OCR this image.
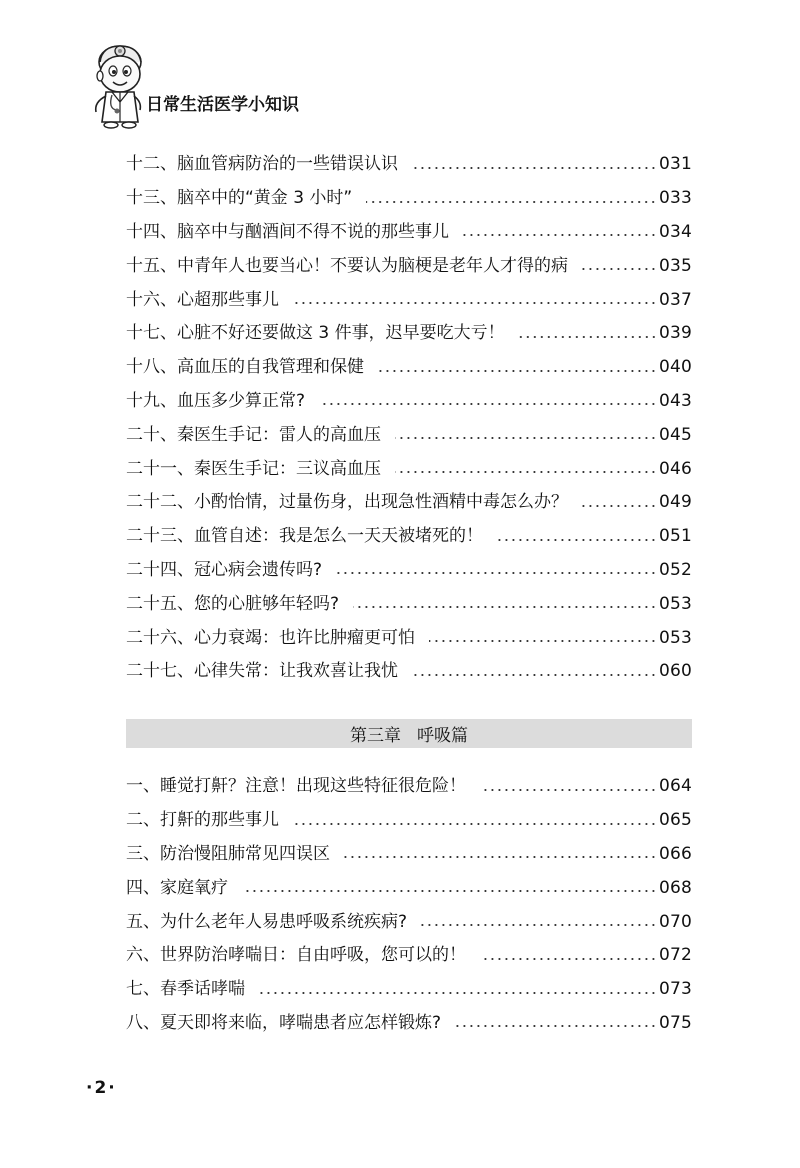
日常生活医学小知识
十二、脑血管病防治的一些错误认识	031
十三、脑卒中的“黄金 3 小时”	033
十四、脑卒中与酗酒间不得不说的那些事儿	034
十五、中青年人也要当心！不要认为脑梗是老年人才得的病	035
十六、心超那些事儿	037
十七、心脏不好还要做这 3 件事，迟早要吃大亏！	039
十八、高血压的自我管理和保健	040
十九、血压多少算正常?	043
二十、秦医生手记：雷人的高血压	045
二十一、秦医生手记：三议高血压	046
二十二、小酌怡情，过量伤身，出现急性酒精中毒怎么办？	049
二十三、血管自述：我是怎么一天天被堵死的！	051
二十四、冠心病会遗传吗?	052
二十五、您的心脏够年轻吗?	053
二十六、心力衰竭：也许比肿瘤更可怕	053
二十七、心律失常：让我欢喜让我忧	060
第三章 呼吸篇
一、睡觉打鼾？注意！出现这些特征很危险！	064
二、打鼾的那些事儿	065
三、防治慢阻肺常见四误区	066
四、家庭氧疗	068
五、为什么老年人易患呼吸系统疾病?	070
六、世界防治哮喘日：自由呼吸，您可以的！	072
七、春季话哮喘	073
八、夏天即将来临，哮喘患者应怎样锻炼?	075
·2·
